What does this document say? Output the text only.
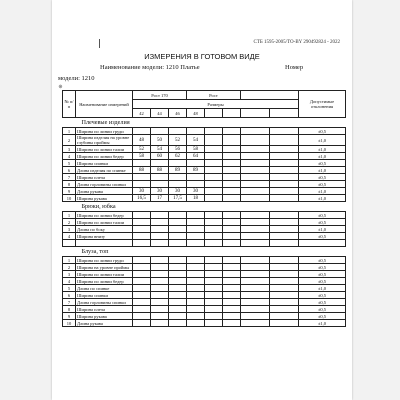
СТБ 1595-2005/ТО-BY 290492824 - 2022
ИЗМЕРЕНИЯ В ГОТОВОМ ВИДЕ
Наименование модели: 1210 Платье	Номер
модели: 1210
⊕
№ п/п	Наименование измерений	Рост 170			Рост					Допустимые отклонения
		Размеры								
		42	44	46	48					
	Плечевые изделия									
1	Ширина по линии груди									±0,5
2	Ширина изделия на уровне глубины проймы	48	50	52	54					±1,0
3	Ширина по линии талии	52	54	56	58					±1,0
4	Ширина по линии бедер	58	60	62	64					±1,0
5	Ширина спинки									±0,5
6	Длина изделия по спинке	88	88	89	89					±1,0
7	Ширина плеча									±0,5
8	Длина горловины спинки									±0,5
9	Длина рукава	30	30	30	30					±1,0
10	Ширина рукава	16,5	17	17,5	18					±1,0
	Брюки, юбка									
1	Ширина по линии бедер									±0,5
2	Ширина по линии талии									±0,5
3	Длина по боку									±1,0
4	Ширина внизу									±0,5

	Блуза, топ									
1	Ширина по линии груди									±0,5
2	Ширина на уровне проймы									±0,5
3	Ширина по линии талии									±0,5
4	Ширина по линии бедер									±0,5
5	Длина по спинке									±1,0
6	Ширина спинки									±0,5
7	Длина горловины спинки									±0,5
8	Ширина плеча									±0,5
9	Ширина рукава									±0,5
10	Длина рукава									±1,0
